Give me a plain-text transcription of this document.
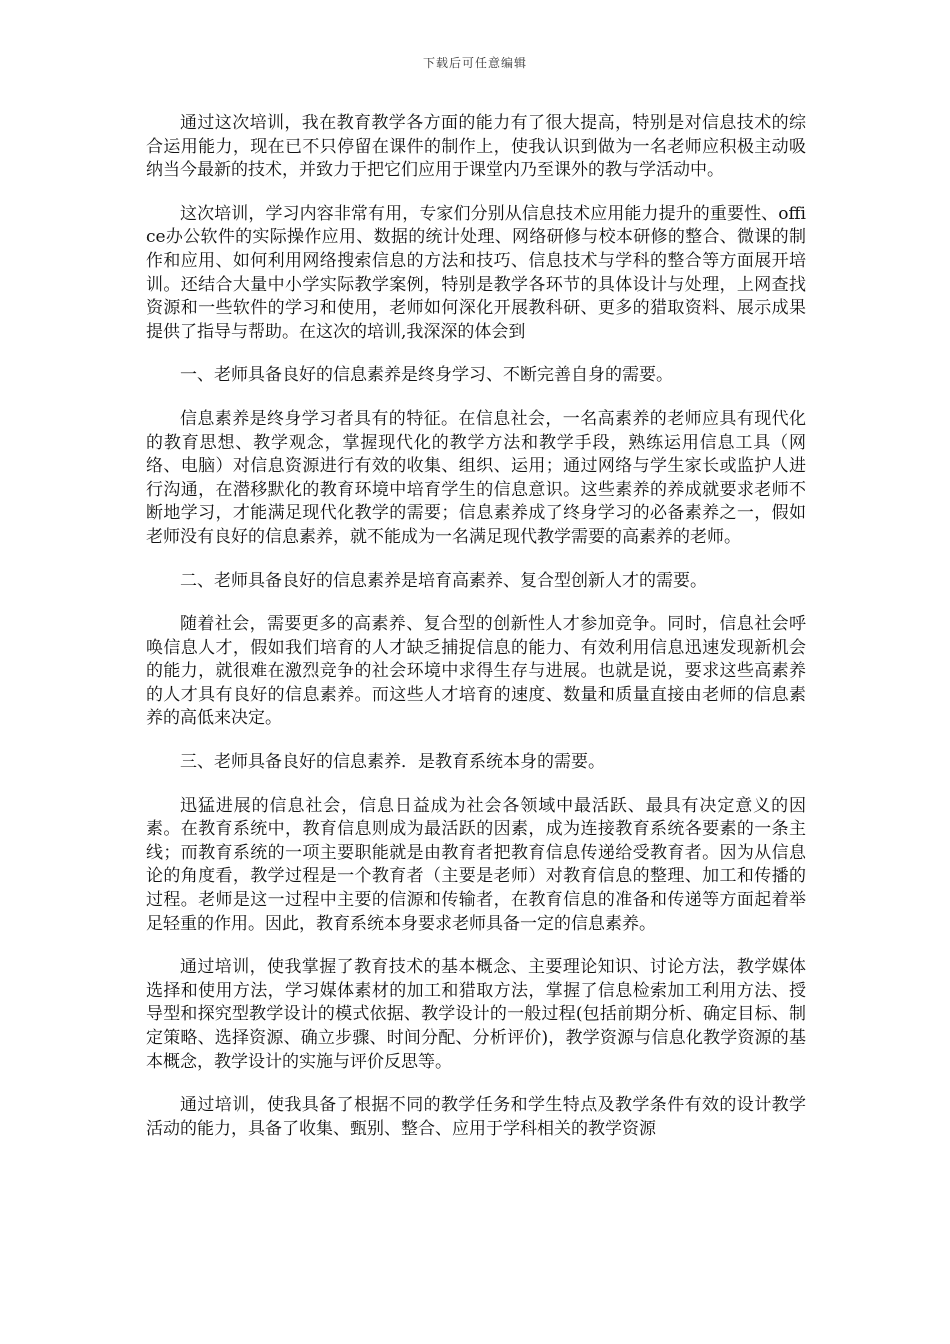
下载后可任意编辑

通过这次培训，我在教育教学各方面的能力有了很大提高，特别是对信息技术的综合运用能力，现在已不只停留在课件的制作上，使我认识到做为一名老师应积极主动吸纳当今最新的技术，并致力于把它们应用于课堂内乃至课外的教与学活动中。

这次培训，学习内容非常有用，专家们分别从信息技术应用能力提升的重要性、office办公软件的实际操作应用、数据的统计处理、网络研修与校本研修的整合、微课的制作和应用、如何利用网络搜索信息的方法和技巧、信息技术与学科的整合等方面展开培训。还结合大量中小学实际教学案例，特别是教学各环节的具体设计与处理，上网查找资源和一些软件的学习和使用，老师如何深化开展教科研、更多的猎取资料、展示成果提供了指导与帮助。在这次的培训,我深深的体会到

一、老师具备良好的信息素养是终身学习、不断完善自身的需要。

信息素养是终身学习者具有的特征。在信息社会，一名高素养的老师应具有现代化的教育思想、教学观念，掌握现代化的教学方法和教学手段，熟练运用信息工具（网络、电脑）对信息资源进行有效的收集、组织、运用；通过网络与学生家长或监护人进行沟通，在潜移默化的教育环境中培育学生的信息意识。这些素养的养成就要求老师不断地学习，才能满足现代化教学的需要；信息素养成了终身学习的必备素养之一，假如老师没有良好的信息素养，就不能成为一名满足现代教学需要的高素养的老师。

二、老师具备良好的信息素养是培育高素养、复合型创新人才的需要。

随着社会，需要更多的高素养、复合型的创新性人才参加竞争。同时，信息社会呼唤信息人才，假如我们培育的人才缺乏捕捉信息的能力、有效利用信息迅速发现新机会的能力，就很难在激烈竞争的社会环境中求得生存与进展。也就是说，要求这些高素养的人才具有良好的信息素养。而这些人才培育的速度、数量和质量直接由老师的信息素养的高低来决定。

三、老师具备良好的信息素养．是教育系统本身的需要。

迅猛进展的信息社会，信息日益成为社会各领域中最活跃、最具有决定意义的因素。在教育系统中，教育信息则成为最活跃的因素，成为连接教育系统各要素的一条主线；而教育系统的一项主要职能就是由教育者把教育信息传递给受教育者。因为从信息论的角度看，教学过程是一个教育者（主要是老师）对教育信息的整理、加工和传播的过程。老师是这一过程中主要的信源和传输者，在教育信息的准备和传递等方面起着举足轻重的作用。因此，教育系统本身要求老师具备一定的信息素养。

通过培训，使我掌握了教育技术的基本概念、主要理论知识、讨论方法，教学媒体选择和使用方法，学习媒体素材的加工和猎取方法，掌握了信息检索加工利用方法、授导型和探究型教学设计的模式依据、教学设计的一般过程(包括前期分析、确定目标、制定策略、选择资源、确立步骤、时间分配、分析评价)，教学资源与信息化教学资源的基本概念，教学设计的实施与评价反思等。

通过培训，使我具备了根据不同的教学任务和学生特点及教学条件有效的设计教学活动的能力，具备了收集、甄别、整合、应用于学科相关的教学资源
